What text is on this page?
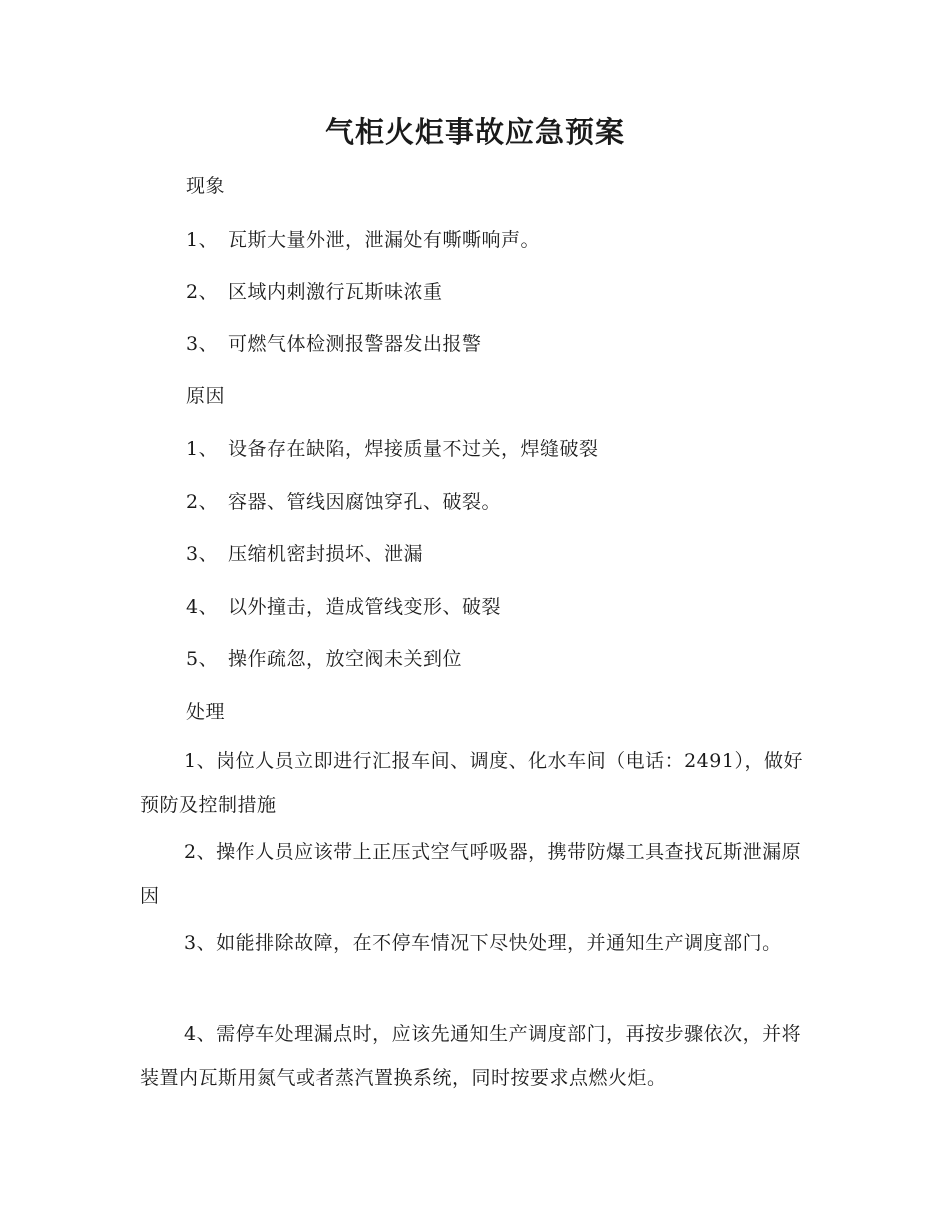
气柜火炬事故应急预案
现象
1、 瓦斯大量外泄，泄漏处有嘶嘶响声。
2、 区域内刺激行瓦斯味浓重
3、 可燃气体检测报警器发出报警
原因
1、 设备存在缺陷，焊接质量不过关，焊缝破裂
2、 容器、管线因腐蚀穿孔、破裂。
3、 压缩机密封损坏、泄漏
4、 以外撞击，造成管线变形、破裂
5、 操作疏忽，放空阀未关到位
处理
1、岗位人员立即进行汇报车间、调度、化水车间（电话：2491），做好预防及控制措施
2、操作人员应该带上正压式空气呼吸器，携带防爆工具查找瓦斯泄漏原因
3、如能排除故障，在不停车情况下尽快处理，并通知生产调度部门。
4、需停车处理漏点时，应该先通知生产调度部门，再按步骤依次，并将装置内瓦斯用氮气或者蒸汽置换系统，同时按要求点燃火炬。
